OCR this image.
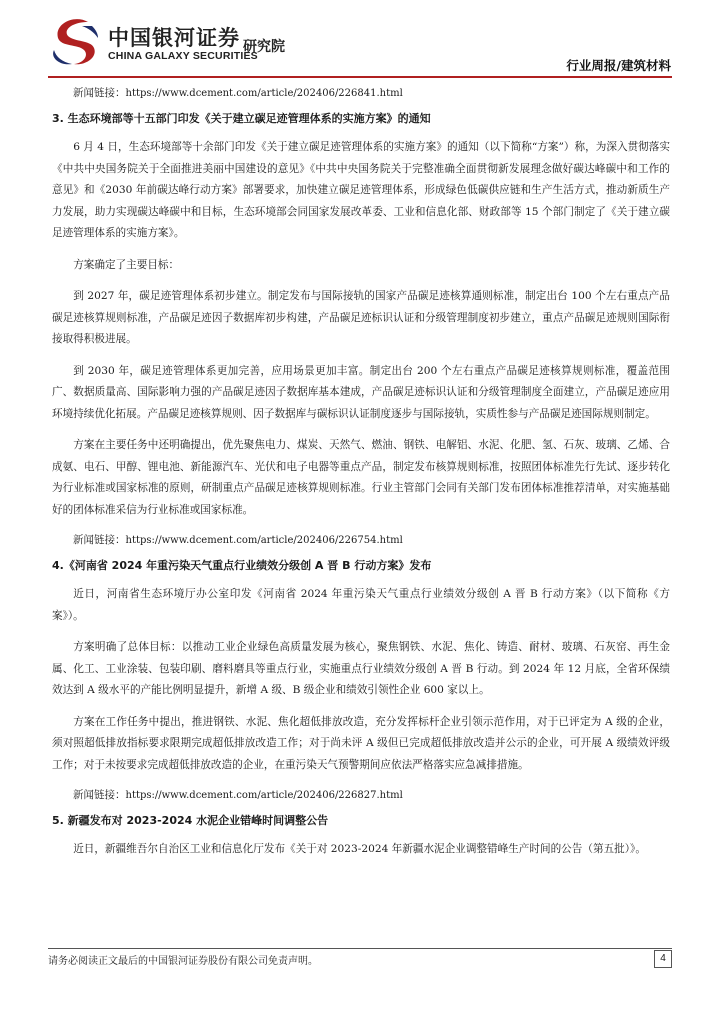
中国银河证券
CHINA GALAXY SECURITIES
研究院
行业周报/建筑材料

新闻链接：https://www.dcement.com/article/202406/226841.html

3. 生态环境部等十五部门印发《关于建立碳足迹管理体系的实施方案》的通知

6 月 4 日，生态环境部等十余部门印发《关于建立碳足迹管理体系的实施方案》的通知（以下简称“方案”）称，为深入贯彻落实《中共中央国务院关于全面推进美丽中国建设的意见》《中共中央国务院关于完整准确全面贯彻新发展理念做好碳达峰碳中和工作的意见》和《2030 年前碳达峰行动方案》部署要求，加快建立碳足迹管理体系，形成绿色低碳供应链和生产生活方式，推动新质生产力发展，助力实现碳达峰碳中和目标，生态环境部会同国家发展改革委、工业和信息化部、财政部等 15 个部门制定了《关于建立碳足迹管理体系的实施方案》。

方案确定了主要目标：

到 2027 年，碳足迹管理体系初步建立。制定发布与国际接轨的国家产品碳足迹核算通则标准，制定出台 100 个左右重点产品碳足迹核算规则标准，产品碳足迹因子数据库初步构建，产品碳足迹标识认证和分级管理制度初步建立，重点产品碳足迹规则国际衔接取得积极进展。

到 2030 年，碳足迹管理体系更加完善，应用场景更加丰富。制定出台 200 个左右重点产品碳足迹核算规则标准，覆盖范围广、数据质量高、国际影响力强的产品碳足迹因子数据库基本建成，产品碳足迹标识认证和分级管理制度全面建立，产品碳足迹应用环境持续优化拓展。产品碳足迹核算规则、因子数据库与碳标识认证制度逐步与国际接轨，实质性参与产品碳足迹国际规则制定。

方案在主要任务中还明确提出，优先聚焦电力、煤炭、天然气、燃油、钢铁、电解铝、水泥、化肥、氢、石灰、玻璃、乙烯、合成氨、电石、甲醇、锂电池、新能源汽车、光伏和电子电器等重点产品，制定发布核算规则标准，按照团体标准先行先试、逐步转化为行业标准或国家标准的原则，研制重点产品碳足迹核算规则标准。行业主管部门会同有关部门发布团体标准推荐清单，对实施基础好的团体标准采信为行业标准或国家标准。

新闻链接：https://www.dcement.com/article/202406/226754.html

4.《河南省 2024 年重污染天气重点行业绩效分级创 A 晋 B 行动方案》发布

近日，河南省生态环境厅办公室印发《河南省 2024 年重污染天气重点行业绩效分级创 A 晋 B 行动方案》（以下简称《方案》）。

方案明确了总体目标：以推动工业企业绿色高质量发展为核心，聚焦钢铁、水泥、焦化、铸造、耐材、玻璃、石灰窑、再生金属、化工、工业涂装、包装印刷、磨料磨具等重点行业，实施重点行业绩效分级创 A 晋 B 行动。到 2024 年 12 月底，全省环保绩效达到 A 级水平的产能比例明显提升，新增 A 级、B 级企业和绩效引领性企业 600 家以上。

方案在工作任务中提出，推进钢铁、水泥、焦化超低排放改造，充分发挥标杆企业引领示范作用，对于已评定为 A 级的企业，须对照超低排放指标要求限期完成超低排放改造工作；对于尚未评 A 级但已完成超低排放改造并公示的企业，可开展 A 级绩效评级工作；对于未按要求完成超低排放改造的企业，在重污染天气预警期间应依法严格落实应急减排措施。

新闻链接：https://www.dcement.com/article/202406/226827.html

5. 新疆发布对 2023-2024 水泥企业错峰时间调整公告

近日，新疆维吾尔自治区工业和信息化厅发布《关于对 2023-2024 年新疆水泥企业调整错峰生产时间的公告（第五批）》。

请务必阅读正文最后的中国银河证券股份有限公司免责声明。	4
